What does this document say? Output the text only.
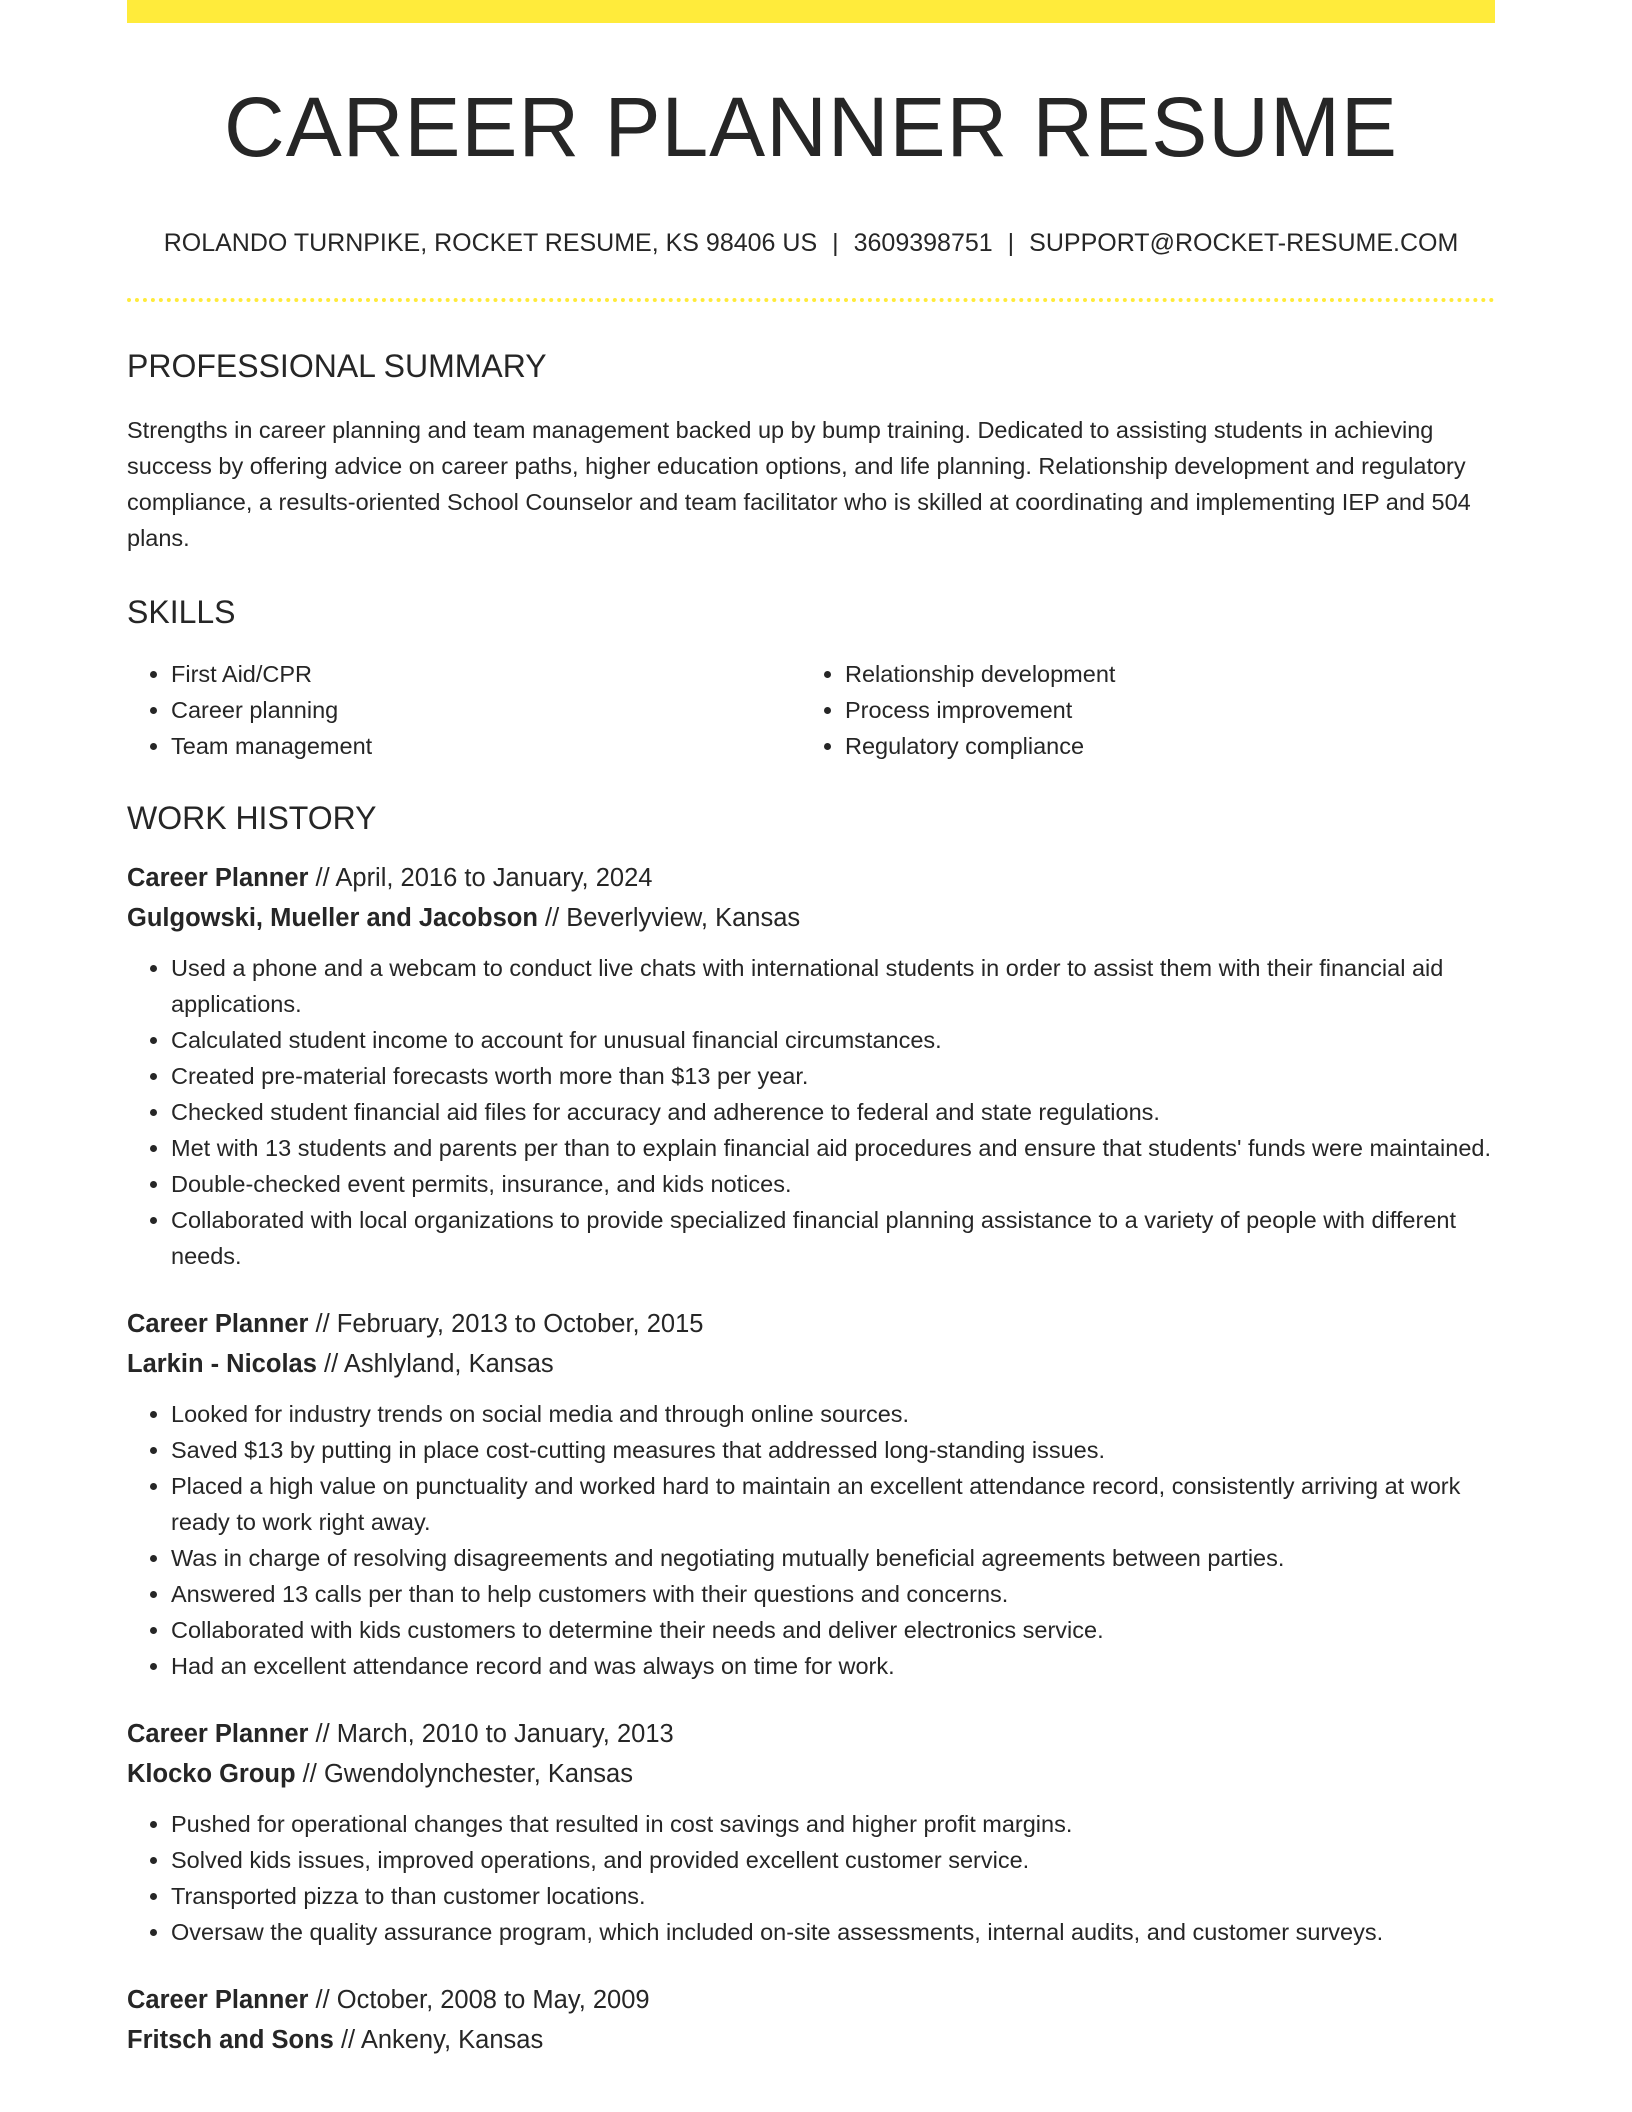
CAREER PLANNER RESUME
ROLANDO TURNPIKE, ROCKET RESUME, KS 98406 US | 3609398751 | SUPPORT@ROCKET-RESUME.COM
PROFESSIONAL SUMMARY

Strengths in career planning and team management backed up by bump training. Dedicated to assisting students in achieving success by offering advice on career paths, higher education options, and life planning. Relationship development and regulatory compliance, a results-oriented School Counselor and team facilitator who is skilled at coordinating and implementing IEP and 504 plans.

SKILLS
• First Aid/CPR
• Career planning
• Team management
• Relationship development
• Process improvement
• Regulatory compliance
WORK HISTORY
Career Planner // April, 2016 to January, 2024
Gulgowski, Mueller and Jacobson // Beverlyview, Kansas
• Used a phone and a webcam to conduct live chats with international students in order to assist them with their financial aid applications.
• Calculated student income to account for unusual financial circumstances.
• Created pre-material forecasts worth more than $13 per year.
• Checked student financial aid files for accuracy and adherence to federal and state regulations.
• Met with 13 students and parents per than to explain financial aid procedures and ensure that students' funds were maintained.
• Double-checked event permits, insurance, and kids notices.
• Collaborated with local organizations to provide specialized financial planning assistance to a variety of people with different needs.
Career Planner // February, 2013 to October, 2015
Larkin - Nicolas // Ashlyland, Kansas
• Looked for industry trends on social media and through online sources.
• Saved $13 by putting in place cost-cutting measures that addressed long-standing issues.
• Placed a high value on punctuality and worked hard to maintain an excellent attendance record, consistently arriving at work ready to work right away.
• Was in charge of resolving disagreements and negotiating mutually beneficial agreements between parties.
• Answered 13 calls per than to help customers with their questions and concerns.
• Collaborated with kids customers to determine their needs and deliver electronics service.
• Had an excellent attendance record and was always on time for work.
Career Planner // March, 2010 to January, 2013
Klocko Group // Gwendolynchester, Kansas
• Pushed for operational changes that resulted in cost savings and higher profit margins.
• Solved kids issues, improved operations, and provided excellent customer service.
• Transported pizza to than customer locations.
• Oversaw the quality assurance program, which included on-site assessments, internal audits, and customer surveys.
Career Planner // October, 2008 to May, 2009
Fritsch and Sons // Ankeny, Kansas
